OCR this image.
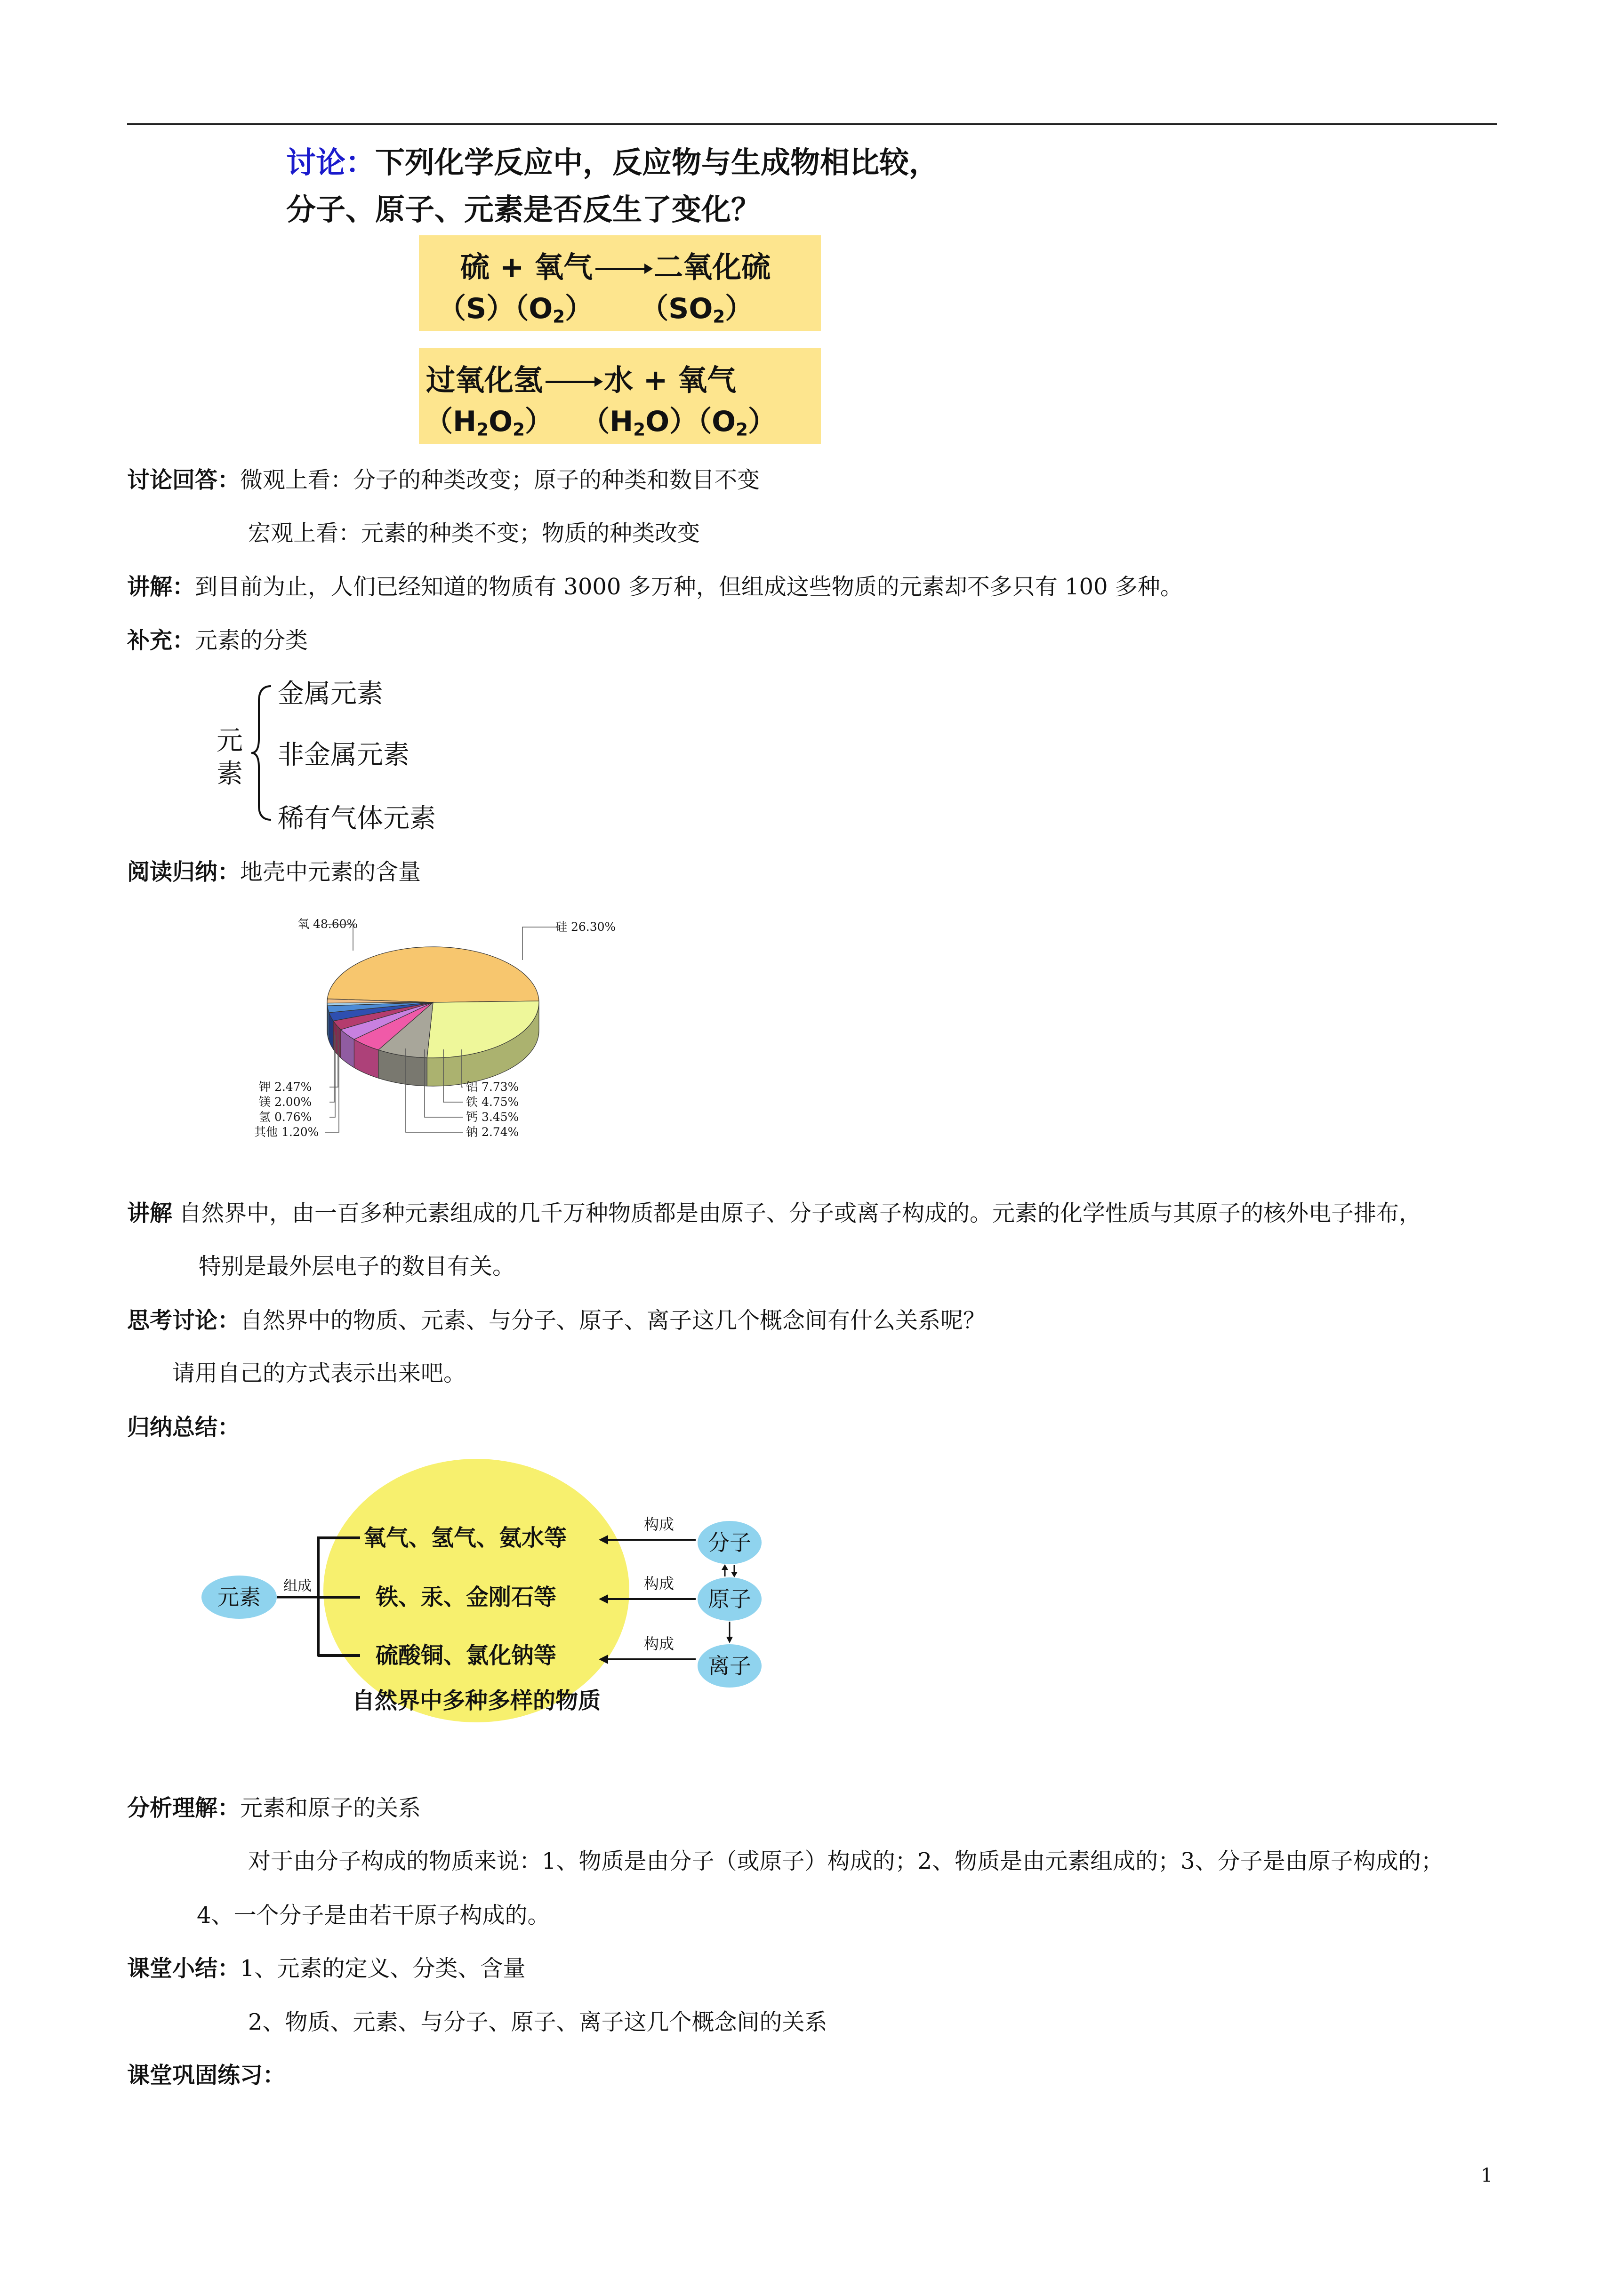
讨论：下列化学反应中，反应物与生成物相比较，
分子、原子、元素是否反生了变化？
硫 + 氧气 → 二氧化硫
$(S)(O_2)$ $(SO_2)$
过氧化氢 → 水 + 氧气
$(H_2O_2)$ $(H_2O)(O_2)$
讨论回答：微观上看：分子的种类改变；原子的种类和数目不变
宏观上看：元素的种类不变；物质的种类改变
讲解：到目前为止，人们已经知道的物质有 3000 多万种，但组成这些物质的元素却不多只有 100 多种。
补充：元素的分类
元
素
金属元素
非金属元素
稀有气体元素
阅读归纳：地壳中元素的含量
氧 48.60%	硅 26.30%
铝 7.73%
铁 4.75%
钙 3.45%
钠 2.74%
钾 2.47%
镁 2.00%
氢 0.76%
其他 1.20%
讲解 自然界中，由一百多种元素组成的几千万种物质都是由原子、分子或离子构成的。元素的化学性质与其原子的核外电子排布，
特别是最外层电子的数目有关。
思考讨论：自然界中的物质、元素、与分子、原子、离子这几个概念间有什么关系呢？
请用自己的方式表示出来吧。
归纳总结：
元素 组成
氧气、氢气、氨水等
铁、汞、金刚石等
硫酸铜、氯化钠等
自然界中多种多样的物质
构成
构成
构成
分子
原子
离子
分析理解：元素和原子的关系
对于由分子构成的物质来说：1、物质是由分子（或原子）构成的；2、物质是由元素组成的；3、分子是由原子构成的；
4、一个分子是由若干原子构成的。
课堂小结：1、元素的定义、分类、含量
2、物质、元素、与分子、原子、离子这几个概念间的关系
课堂巩固练习：
1
